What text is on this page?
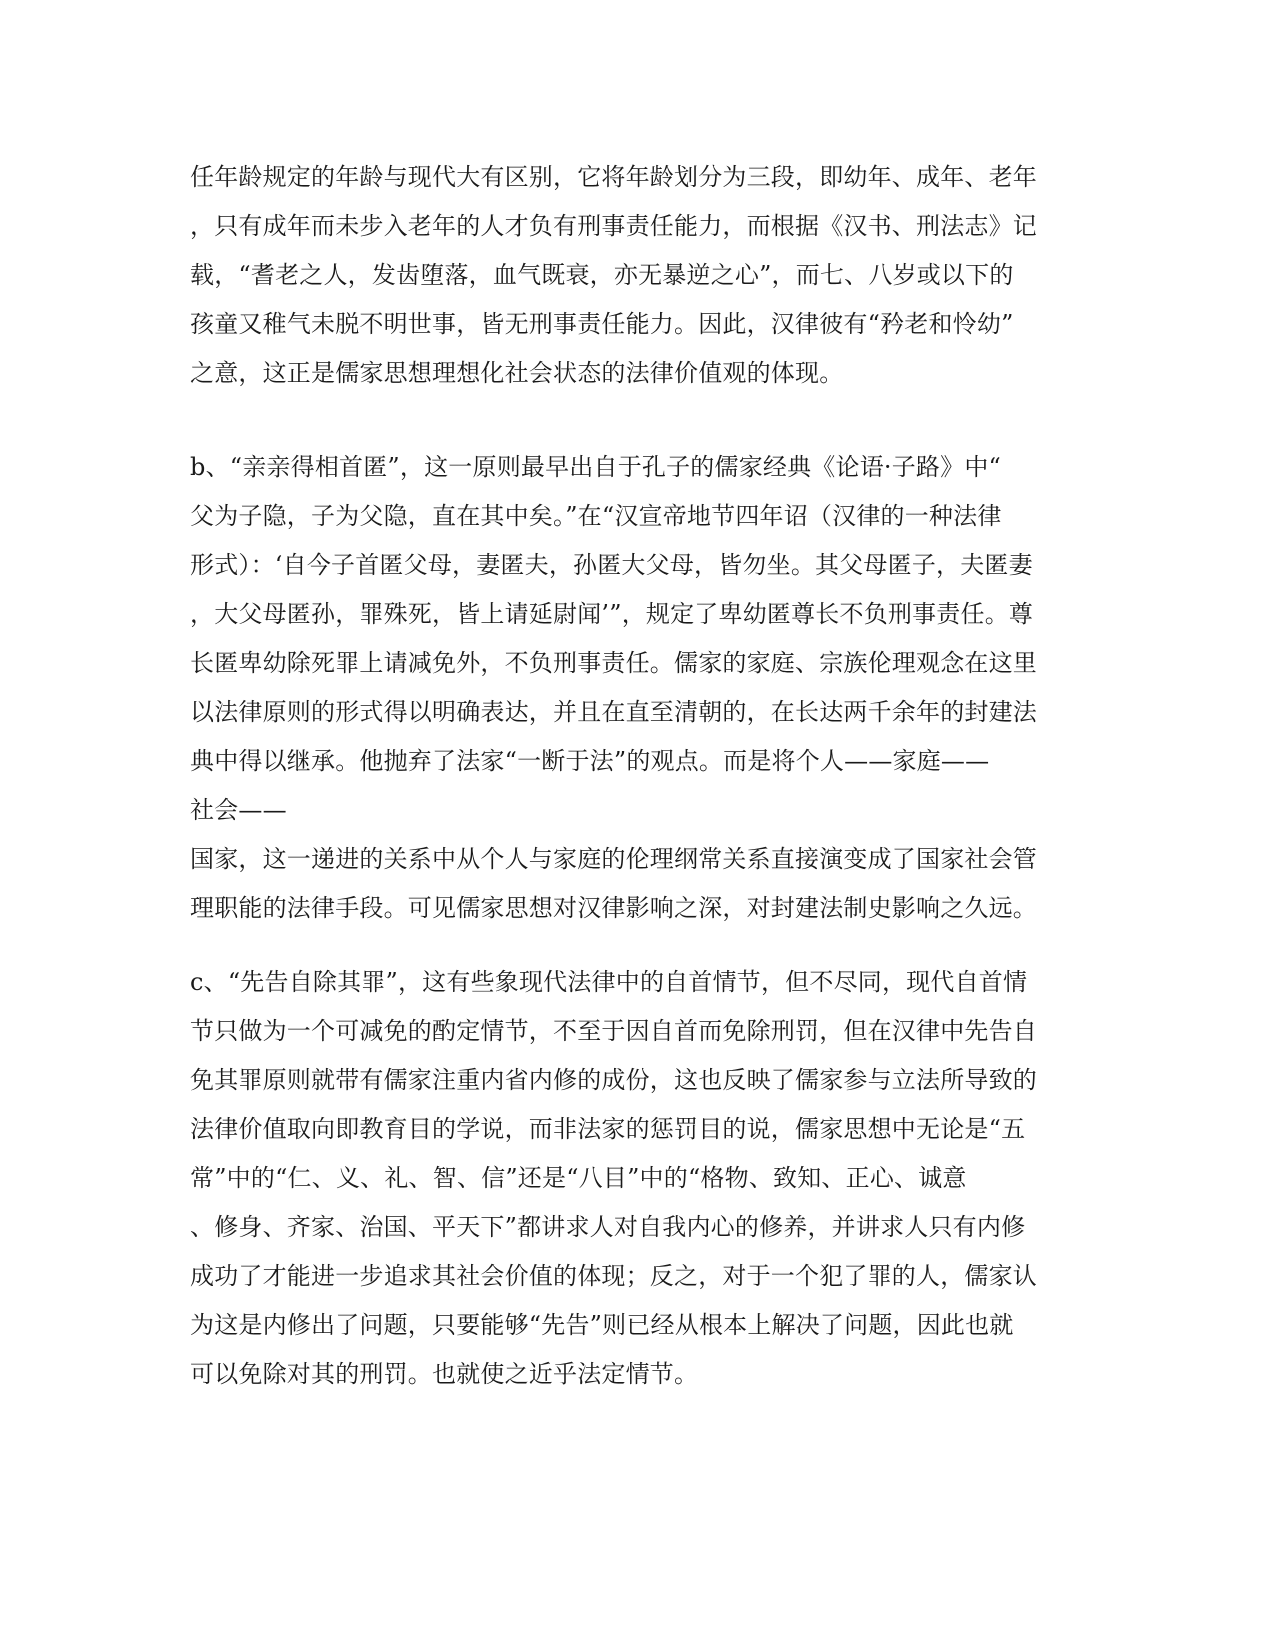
任年龄规定的年龄与现代大有区别，它将年龄划分为三段，即幼年、成年、老年
，只有成年而未步入老年的人才负有刑事责任能力，而根据《汉书、刑法志》记
载，“耆老之人，发齿堕落，血气既衰，亦无暴逆之心”，而七、八岁或以下的
孩童又稚气未脱不明世事，皆无刑事责任能力。因此，汉律彼有“矜老和怜幼”
之意，这正是儒家思想理想化社会状态的法律价值观的体现。
b、“亲亲得相首匿”，这一原则最早出自于孔子的儒家经典《论语·子路》中“
父为子隐，子为父隐，直在其中矣。”在“汉宣帝地节四年诏（汉律的一种法律
形式）：‘自今子首匿父母，妻匿夫，孙匿大父母，皆勿坐。其父母匿子，夫匿妻
，大父母匿孙，罪殊死，皆上请延尉闻’”，规定了卑幼匿尊长不负刑事责任。尊
长匿卑幼除死罪上请减免外，不负刑事责任。儒家的家庭、宗族伦理观念在这里
以法律原则的形式得以明确表达，并且在直至清朝的，在长达两千余年的封建法
典中得以继承。他抛弃了法家“一断于法”的观点。而是将个人——家庭——
社会——
国家，这一递进的关系中从个人与家庭的伦理纲常关系直接演变成了国家社会管
理职能的法律手段。可见儒家思想对汉律影响之深，对封建法制史影响之久远。
c、“先告自除其罪”，这有些象现代法律中的自首情节，但不尽同，现代自首情
节只做为一个可减免的酌定情节，不至于因自首而免除刑罚，但在汉律中先告自
免其罪原则就带有儒家注重内省内修的成份，这也反映了儒家参与立法所导致的
法律价值取向即教育目的学说，而非法家的惩罚目的说，儒家思想中无论是“五
常”中的“仁、义、礼、智、信”还是“八目”中的“格物、致知、正心、诚意
、修身、齐家、治国、平天下”都讲求人对自我内心的修养，并讲求人只有内修
成功了才能进一步追求其社会价值的体现；反之，对于一个犯了罪的人，儒家认
为这是内修出了问题，只要能够“先告”则已经从根本上解决了问题，因此也就
可以免除对其的刑罚。也就使之近乎法定情节。
